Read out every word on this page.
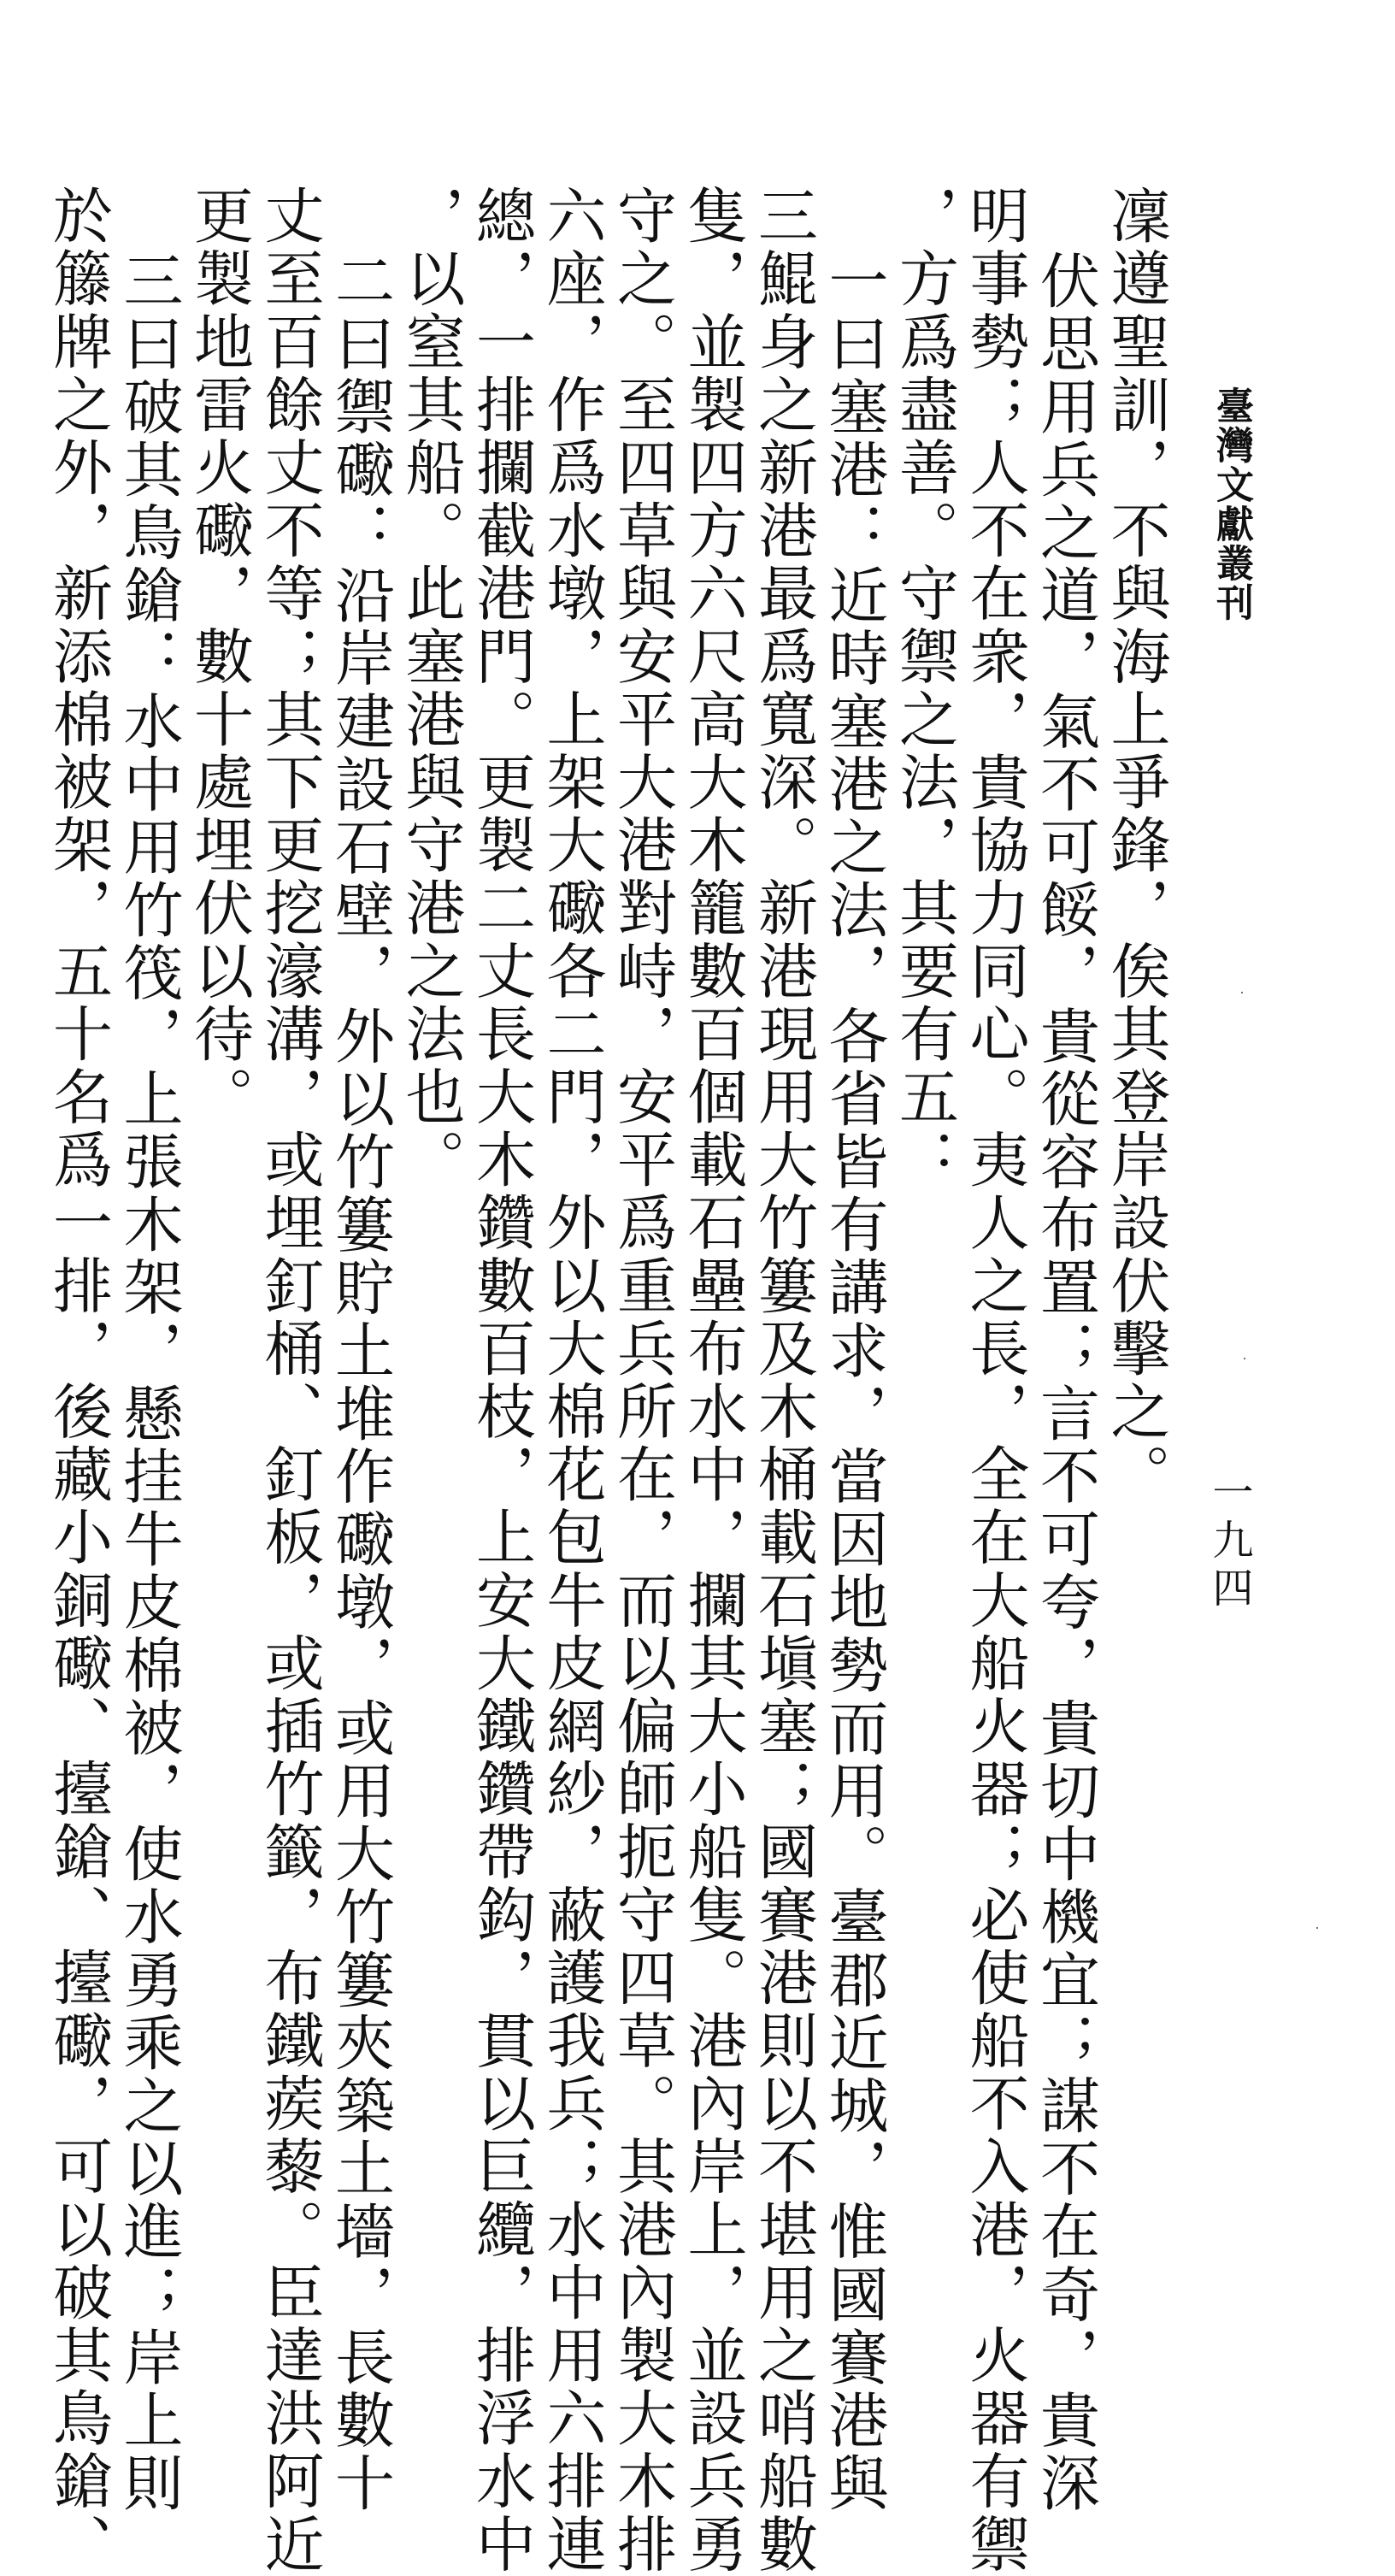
臺灣文獻叢刊
一九四
凜遵聖訓，不與海上爭鋒，俟其登岸設伏擊之。
伏思用兵之道，氣不可餒，貴從容布置；言不可夸，貴切中機宜；謀不在奇，貴深
明事勢；人不在衆，貴協力同心。夷人之長，全在大船火器；必使船不入港，火器有禦
，方爲盡善。守禦之法，其要有五：
一曰塞港：近時塞港之法，各省皆有講求，當因地勢而用。臺郡近城，惟國賽港與
三鯤身之新港最爲寬深。新港現用大竹簍及木桶載石塡塞；國賽港則以不堪用之哨船數
隻，並製四方六尺高大木籠數百個載石壘布水中，攔其大小船隻。港內岸上，並設兵勇
守之。至四草與安平大港對峙，安平爲重兵所在，而以偏師扼守四草。其港內製大木排
六座，作爲水墩，上架大礮各二門，外以大棉花包牛皮網紗，蔽護我兵；水中用六排連
總，一排攔截港門。更製二丈長大木鑽數百枝，上安大鐵鑽帶鈎，貫以巨纜，排浮水中
，以窒其船。此塞港與守港之法也。
二曰禦礮：沿岸建設石壁，外以竹簍貯土堆作礮墩，或用大竹簍夾築土墻，長數十
丈至百餘丈不等；其下更挖濠溝，或埋釘桶、釘板，或插竹籤，布鐵蒺藜。臣達洪阿近
更製地雷火礮，數十處埋伏以待。
三曰破其鳥鎗：水中用竹筏，上張木架，懸挂牛皮棉被，使水勇乘之以進；岸上則
於籐牌之外，新添棉被架，五十名爲一排，後藏小銅礮、擡鎗、擡礮，可以破其鳥鎗、
